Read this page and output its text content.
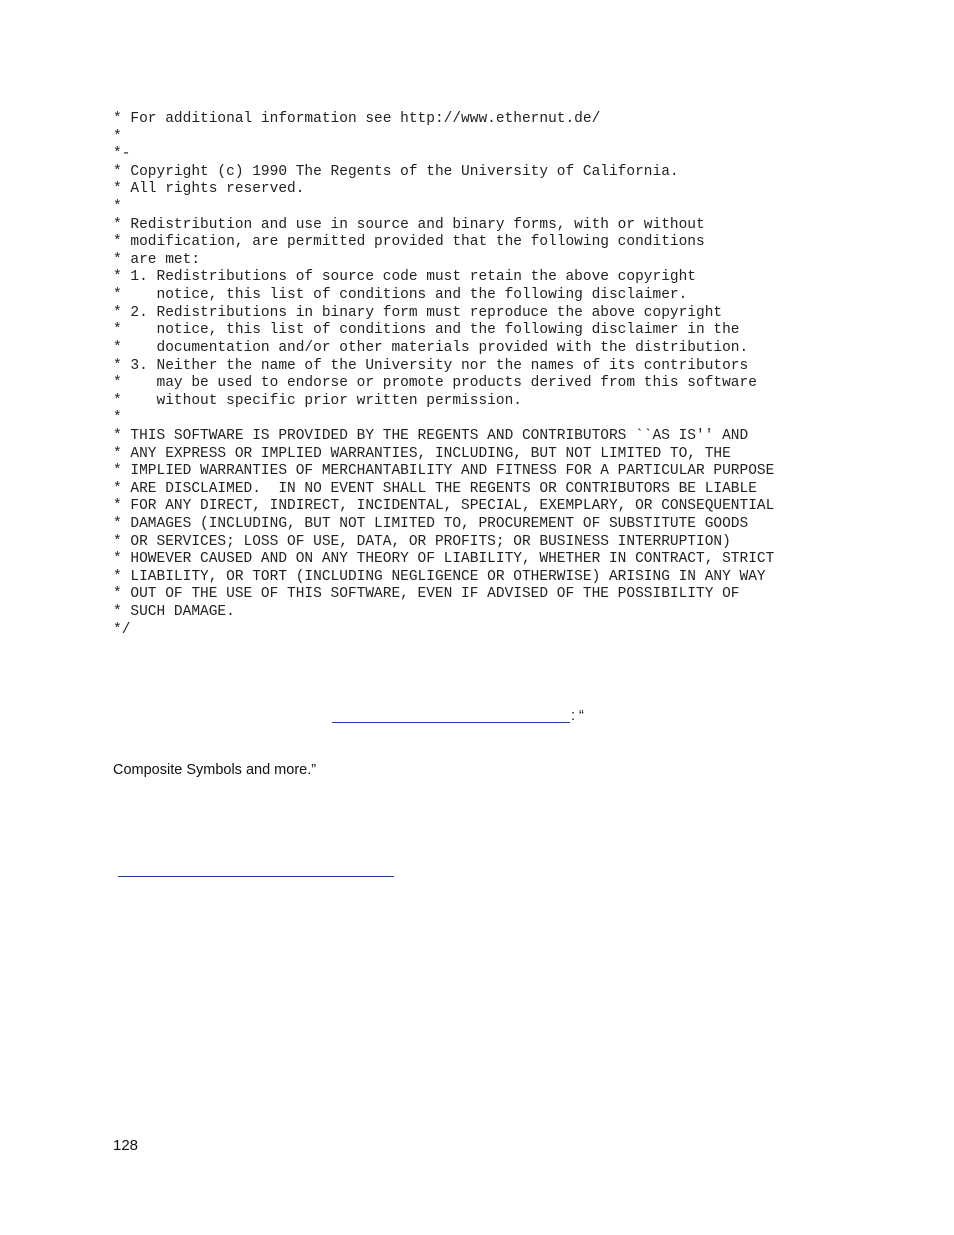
* For additional information see http://www.ethernut.de/
*
*-
* Copyright (c) 1990 The Regents of the University of California.
* All rights reserved.
*
* Redistribution and use in source and binary forms, with or without
* modification, are permitted provided that the following conditions
* are met:
* 1. Redistributions of source code must retain the above copyright
*    notice, this list of conditions and the following disclaimer.
* 2. Redistributions in binary form must reproduce the above copyright
*    notice, this list of conditions and the following disclaimer in the
*    documentation and/or other materials provided with the distribution.
* 3. Neither the name of the University nor the names of its contributors
*    may be used to endorse or promote products derived from this software
*    without specific prior written permission.
*
* THIS SOFTWARE IS PROVIDED BY THE REGENTS AND CONTRIBUTORS ``AS IS'' AND
* ANY EXPRESS OR IMPLIED WARRANTIES, INCLUDING, BUT NOT LIMITED TO, THE
* IMPLIED WARRANTIES OF MERCHANTABILITY AND FITNESS FOR A PARTICULAR PURPOSE
* ARE DISCLAIMED.  IN NO EVENT SHALL THE REGENTS OR CONTRIBUTORS BE LIABLE
* FOR ANY DIRECT, INDIRECT, INCIDENTAL, SPECIAL, EXEMPLARY, OR CONSEQUENTIAL
* DAMAGES (INCLUDING, BUT NOT LIMITED TO, PROCUREMENT OF SUBSTITUTE GOODS
* OR SERVICES; LOSS OF USE, DATA, OR PROFITS; OR BUSINESS INTERRUPTION)
* HOWEVER CAUSED AND ON ANY THEORY OF LIABILITY, WHETHER IN CONTRACT, STRICT
* LIABILITY, OR TORT (INCLUDING NEGLIGENCE OR OTHERWISE) ARISING IN ANY WAY
* OUT OF THE USE OF THIS SOFTWARE, EVEN IF ADVISED OF THE POSSIBILITY OF
* SUCH DAMAGE.
*/
: “
Composite Symbols and more.”
128
